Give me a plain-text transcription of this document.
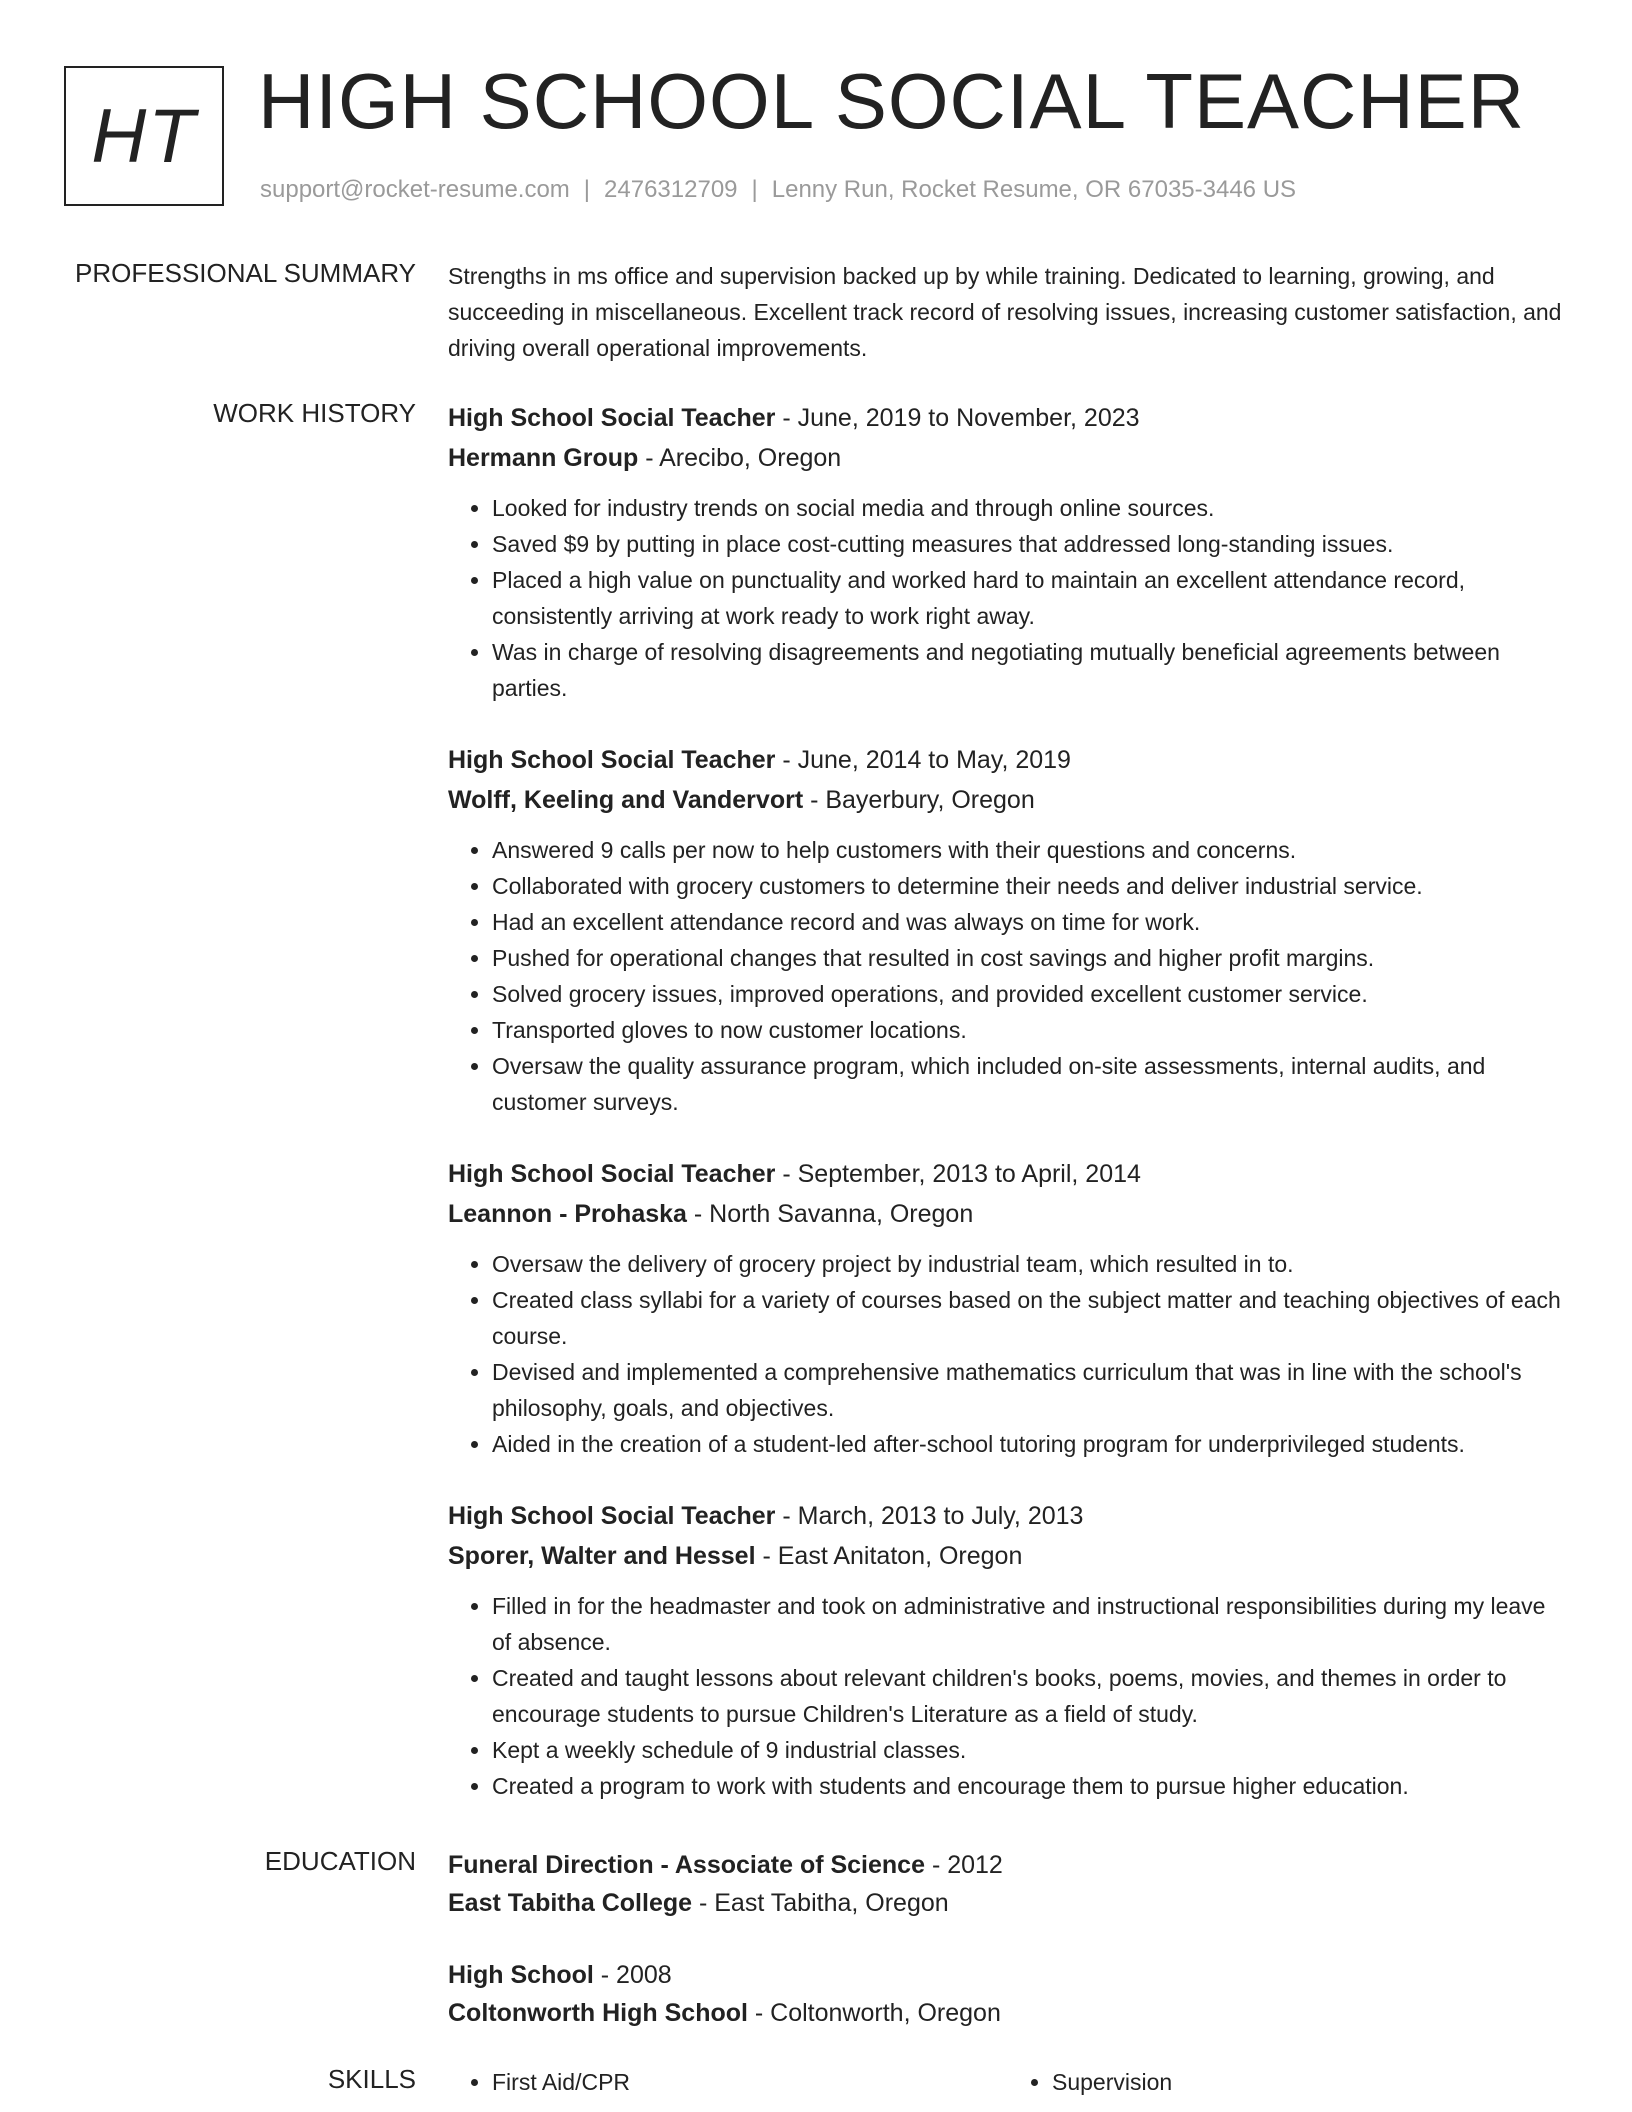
HT HIGH SCHOOL SOCIAL TEACHER
support@rocket-resume.com | 2476312709 | Lenny Run, Rocket Resume, OR 67035-3446 US
PROFESSIONAL SUMMARY Strengths in ms office and supervision backed up by while training. Dedicated to learning, growing, and succeeding in miscellaneous. Excellent track record of resolving issues, increasing customer satisfaction, and driving overall operational improvements.

WORK HISTORY High School Social Teacher - June, 2019 to November, 2023

Hermann Group - Arecibo, Oregon

• Looked for industry trends on social media and through online sources.
• Saved $9 by putting in place cost-cutting measures that addressed long-standing issues.
• Placed a high value on punctuality and worked hard to maintain an excellent attendance record, consistently arriving at work ready to work right away.
• Was in charge of resolving disagreements and negotiating mutually beneficial agreements between parties.

High School Social Teacher - June, 2014 to May, 2019

Wolff, Keeling and Vandervort - Bayerbury, Oregon

• Answered 9 calls per now to help customers with their questions and concerns.
• Collaborated with grocery customers to determine their needs and deliver industrial service.
• Had an excellent attendance record and was always on time for work.
• Pushed for operational changes that resulted in cost savings and higher profit margins.
• Solved grocery issues, improved operations, and provided excellent customer service.
• Transported gloves to now customer locations.
• Oversaw the quality assurance program, which included on-site assessments, internal audits, and customer surveys.

High School Social Teacher - September, 2013 to April, 2014

Leannon - Prohaska - North Savanna, Oregon

• Oversaw the delivery of grocery project by industrial team, which resulted in to.
• Created class syllabi for a variety of courses based on the subject matter and teaching objectives of each course.
• Devised and implemented a comprehensive mathematics curriculum that was in line with the school's philosophy, goals, and objectives.
• Aided in the creation of a student-led after-school tutoring program for underprivileged students.

High School Social Teacher - March, 2013 to July, 2013

Sporer, Walter and Hessel - East Anitaton, Oregon

• Filled in for the headmaster and took on administrative and instructional responsibilities during my leave of absence.
• Created and taught lessons about relevant children's books, poems, movies, and themes in order to encourage students to pursue Children's Literature as a field of study.
• Kept a weekly schedule of 9 industrial classes.
• Created a program to work with students and encourage them to pursue higher education.
EDUCATION Funeral Direction - Associate of Science - 2012

East Tabitha College - East Tabitha, Oregon

High School - 2008

Coltonworth High School - Coltonworth, Oregon

SKILLS	• First Aid/CPR	• Supervision
